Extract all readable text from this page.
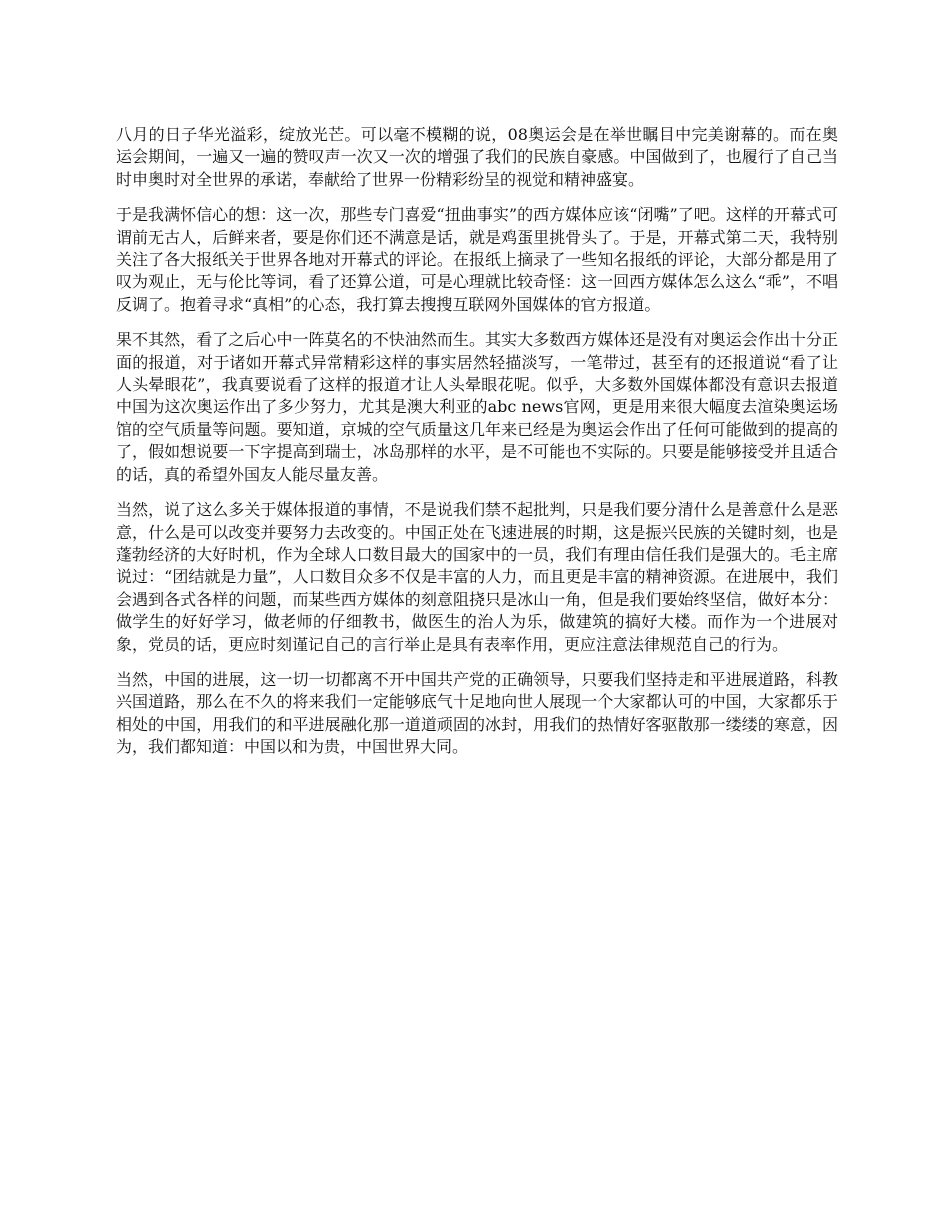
八月的日子华光溢彩，绽放光芒。可以毫不模糊的说，08奥运会是在举世瞩目中完美谢幕的。而在奥运会期间，一遍又一遍的赞叹声一次又一次的增强了我们的民族自豪感。中国做到了，也履行了自己当时申奥时对全世界的承诺，奉献给了世界一份精彩纷呈的视觉和精神盛宴。

于是我满怀信心的想：这一次，那些专门喜爱“扭曲事实”的西方媒体应该“闭嘴”了吧。这样的开幕式可谓前无古人，后鲜来者，要是你们还不满意是话，就是鸡蛋里挑骨头了。于是，开幕式第二天，我特别关注了各大报纸关于世界各地对开幕式的评论。在报纸上摘录了一些知名报纸的评论，大部分都是用了叹为观止，无与伦比等词，看了还算公道，可是心理就比较奇怪：这一回西方媒体怎么这么“乖”，不唱反调了。抱着寻求“真相”的心态，我打算去搜搜互联网外国媒体的官方报道。

果不其然，看了之后心中一阵莫名的不快油然而生。其实大多数西方媒体还是没有对奥运会作出十分正面的报道，对于诸如开幕式异常精彩这样的事实居然轻描淡写，一笔带过，甚至有的还报道说“看了让人头晕眼花”，我真要说看了这样的报道才让人头晕眼花呢。似乎，大多数外国媒体都没有意识去报道中国为这次奥运作出了多少努力，尤其是澳大利亚的abc news官网，更是用来很大幅度去渲染奥运场馆的空气质量等问题。要知道，京城的空气质量这几年来已经是为奥运会作出了任何可能做到的提高的了，假如想说要一下字提高到瑞士，冰岛那样的水平，是不可能也不实际的。只要是能够接受并且适合的话，真的希望外国友人能尽量友善。

当然，说了这么多关于媒体报道的事情，不是说我们禁不起批判，只是我们要分清什么是善意什么是恶意，什么是可以改变并要努力去改变的。中国正处在飞速进展的时期，这是振兴民族的关键时刻，也是蓬勃经济的大好时机，作为全球人口数目最大的国家中的一员，我们有理由信任我们是强大的。毛主席说过：“团结就是力量”，人口数目众多不仅是丰富的人力，而且更是丰富的精神资源。在进展中，我们会遇到各式各样的问题，而某些西方媒体的刻意阻挠只是冰山一角，但是我们要始终坚信，做好本分：做学生的好好学习，做老师的仔细教书，做医生的治人为乐，做建筑的搞好大楼。而作为一个进展对象，党员的话，更应时刻谨记自己的言行举止是具有表率作用，更应注意法律规范自己的行为。

当然，中国的进展，这一切一切都离不开中国共产党的正确领导，只要我们坚持走和平进展道路，科教兴国道路，那么在不久的将来我们一定能够底气十足地向世人展现一个大家都认可的中国，大家都乐于相处的中国，用我们的和平进展融化那一道道顽固的冰封，用我们的热情好客驱散那一缕缕的寒意，因为，我们都知道：中国以和为贵，中国世界大同。
